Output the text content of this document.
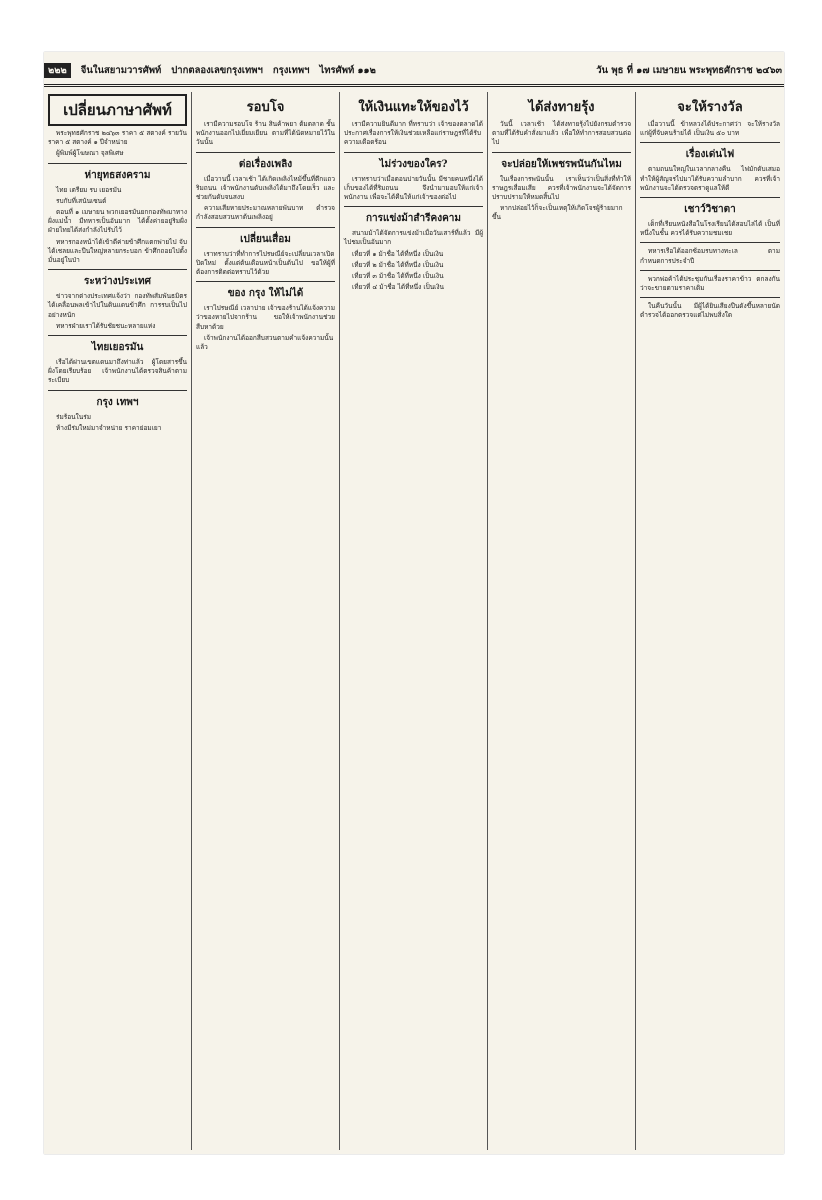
๒๒๒	จีนในสยามวารศัพท์ ปากตลองเลขกรุงเทพฯ กรุงเทพฯ ไทรศัพท์ ๑๑๒	วัน พุธ ที่ ๑๗ เมษายน พระพุทธศักราช ๒๔๖๓
เปลี่ยนภาษาศัพท์
พระพุทธศักราช ๒๔๖๓ ราคา ๕ สตางค์ รายวัน ราคา ๕ สตางค์ ๑ ปีจำหน่าย
ผู้พิมพ์ผู้โฆษณา จุลพิเศษ
ห่ายุทธสงคราม
ไทย เตรียม รบ เยอรมัน
รบกับที่เสนันเซนต์
ตอนที่ ๑ เมษายน พวกเยอรมันยกกองทัพมาทางฝั่งแม่น้ำ มีทหารเป็นอันมาก ได้ตั้งค่ายอยู่ริมฝั่ง ฝ่ายไทยได้ส่งกำลังไปรับไว้
ทหารกองหน้าได้เข้าตีค่ายข้าศึกแตกพ่ายไป จับได้เชลยและปืนใหญ่หลายกระบอก ข้าศึกถอยไปตั้งมั่นอยู่ในป่า
ระหว่างประเทศ
ข่าวจากต่างประเทศแจ้งว่า กองทัพสัมพันธมิตรได้เคลื่อนพลเข้าไปในดินแดนข้าศึก การรบเป็นไปอย่างหนัก
ทหารฝ่ายเราได้รับชัยชนะหลายแห่ง
ไทยเยอรมัน
เรือได้ผ่านเขตแดนมาถึงท่าแล้ว ผู้โดยสารขึ้นฝั่งโดยเรียบร้อย เจ้าพนักงานได้ตรวจสินค้าตามระเบียบ
กรุง เทพฯ
ร่มร้อนในร่ม
ห้างมีร่มใหม่มาจำหน่าย ราคาย่อมเยา
รอบโจ
เรามีความรอบโจ ร้าน สินค้าพยา ต้มตลาด ชั้นพนักงานออกไปเยี่ยมเยียน ตามที่ได้นัดหมายไว้ในวันนั้น
ต่อเรื่องเพลิง
เมื่อวานนี้ เวลาเช้า ได้เกิดเพลิงไหม้ขึ้นที่ตึกแถวริมถนน เจ้าพนักงานดับเพลิงได้มาถึงโดยเร็ว และช่วยกันดับจนสงบ
ความเสียหายประมาณหลายพันบาท ตำรวจกำลังสอบสวนหาต้นเพลิงอยู่
เปลี่ยนเสื่อม
เราทราบว่าที่ทำการไปรษณีย์จะเปลี่ยนเวลาเปิดปิดใหม่ ตั้งแต่ต้นเดือนหน้าเป็นต้นไป ขอให้ผู้ที่ต้องการติดต่อทราบไว้ด้วย
ของ กรุง ให้ไม่ได้
เราไปรษณีย์ เวลาบ่าย เจ้าของร้านได้แจ้งความว่าของหายไปจากร้าน ขอให้เจ้าพนักงานช่วยสืบหาด้วย
เจ้าพนักงานได้ออกสืบสวนตามคำแจ้งความนั้นแล้ว
ให้เงินแทะให้ของไว้
เรามีความยินดีมาก ที่ทราบว่า เจ้าของตลาดได้ประกาศเรื่องการให้เงินช่วยเหลือแก่ราษฎรที่ได้รับความเดือดร้อน
ไม่ร่วงของใคร?
เราทราบว่าเมื่อตอนบ่ายวันนั้น มีชายคนหนึ่งได้เก็บของได้ที่ริมถนน จึงนำมามอบให้แก่เจ้าพนักงาน เพื่อจะได้คืนให้แก่เจ้าของต่อไป
การแข่งม้าสำรีคงคาม
สนามม้าได้จัดการแข่งม้าเมื่อวันเสาร์ที่แล้ว มีผู้ไปชมเป็นอันมาก
เที่ยวที่ ๑ ม้าชื่อ ได้ที่หนึ่ง เป็นเงิน
เที่ยวที่ ๒ ม้าชื่อ ได้ที่หนึ่ง เป็นเงิน
เที่ยวที่ ๓ ม้าชื่อ ได้ที่หนึ่ง เป็นเงิน
เที่ยวที่ ๔ ม้าชื่อ ได้ที่หนึ่ง เป็นเงิน
ได้ส่งทายรุ้ง
วันนี้ เวลาเช้า ได้ส่งทายรุ้งไปยังกรมตำรวจ ตามที่ได้รับคำสั่งมาแล้ว เพื่อให้ทำการสอบสวนต่อไป
จะปล่อยให้เพชรพนันกันไหม
ในเรื่องการพนันนั้น เราเห็นว่าเป็นสิ่งที่ทำให้ราษฎรเสื่อมเสีย ควรที่เจ้าพนักงานจะได้จัดการปราบปรามให้หมดสิ้นไป
หากปล่อยไว้ก็จะเป็นเหตุให้เกิดโจรผู้ร้ายมากขึ้น
จะให้รางวัล
เมื่อวานนี้ ข้าหลวงได้ประกาศว่า จะให้รางวัลแก่ผู้ที่จับคนร้ายได้ เป็นเงิน ๕๐ บาท
เรื่องเด่นไฟ
ตามถนนใหญ่ในเวลากลางคืน ไฟมักดับเสมอ ทำให้ผู้สัญจรไปมาได้รับความลำบาก ควรที่เจ้าพนักงานจะได้ตรวจตราดูแลให้ดี
เชาว์วิชาตา
เด็กที่เรียนหนังสือในโรงเรียนได้สอบไล่ได้ เป็นที่หนึ่งในชั้น ควรได้รับความชมเชย
ทหารเรือได้ออกซ้อมรบทางทะเล ตามกำหนดการประจำปี
พวกพ่อค้าได้ประชุมกันเรื่องราคาข้าว ตกลงกันว่าจะขายตามราคาเดิม
ในคืนวันนั้น มีผู้ได้ยินเสียงปืนดังขึ้นหลายนัด ตำรวจได้ออกตรวจแต่ไม่พบสิ่งใด
